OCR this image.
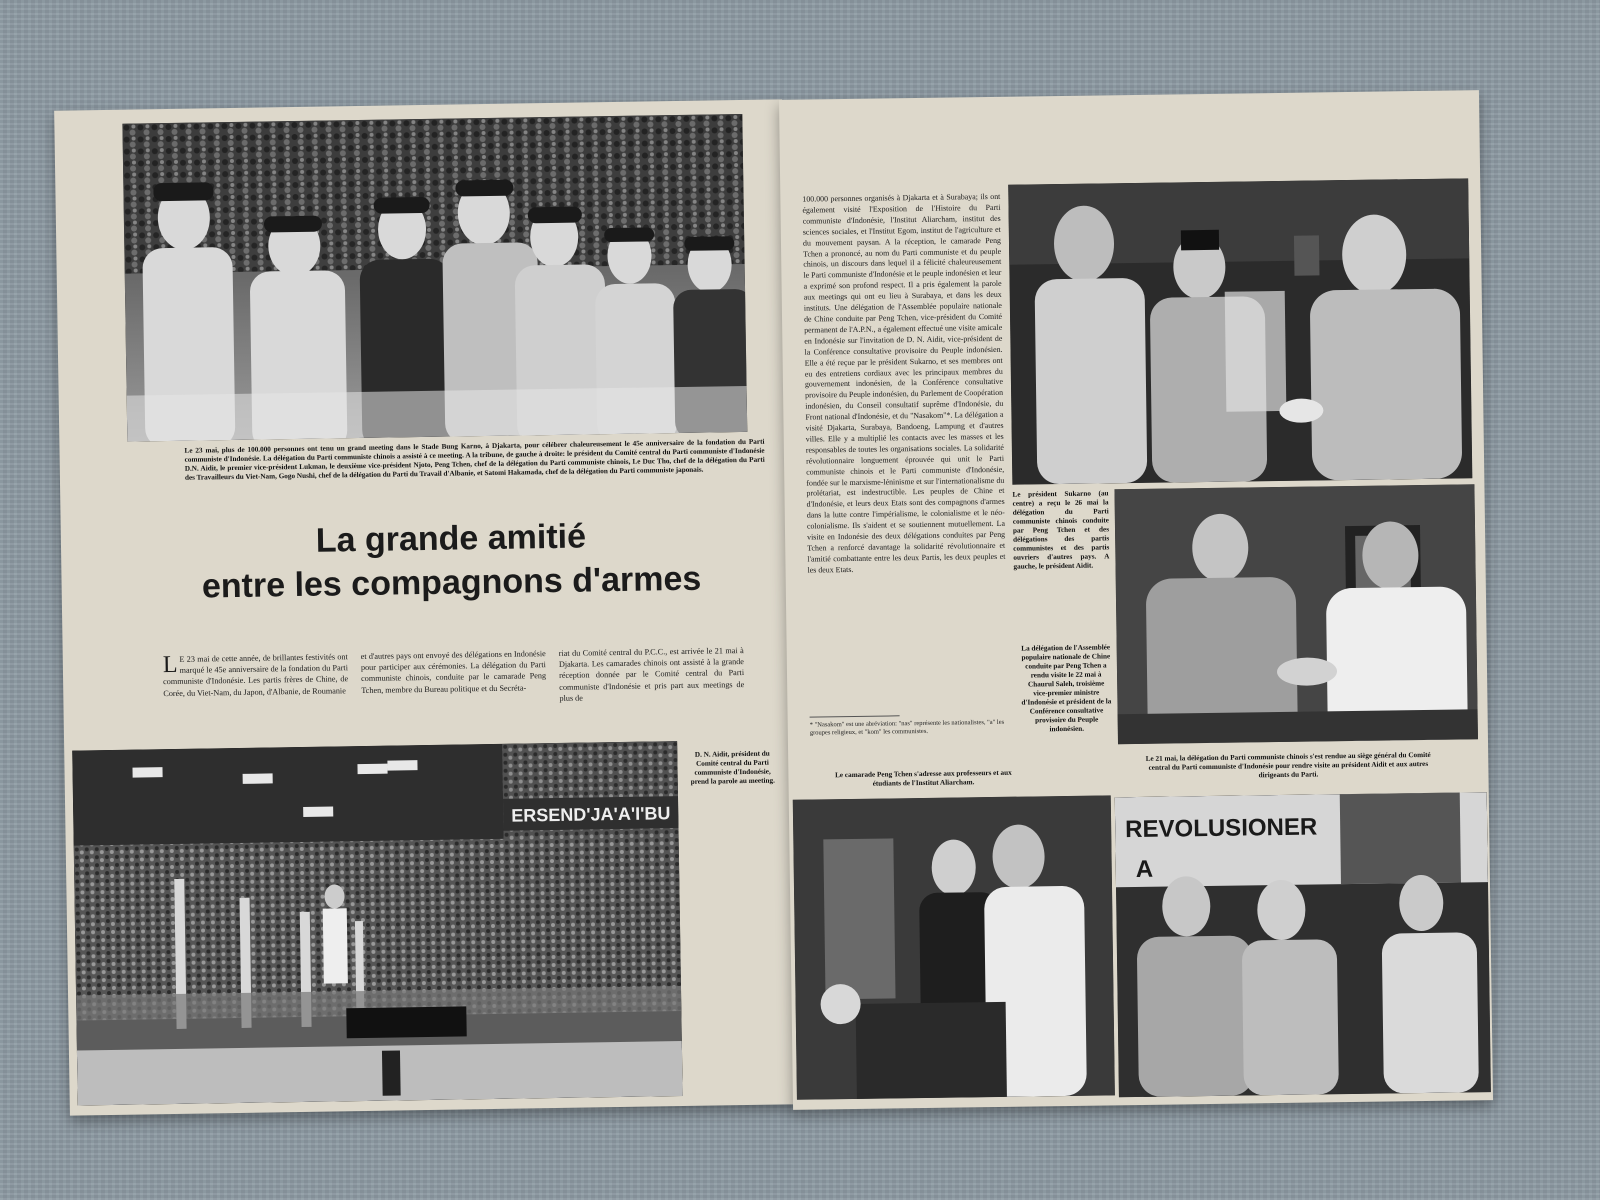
Le 23 mai, plus de 100.000 personnes ont tenu un grand meeting dans le Stade Bung Karno, à Djakarta, pour célébrer chaleureusement le 45e anniversaire de la fondation du Parti communiste d'Indonésie. La délégation du Parti communiste chinois a assisté à ce meeting. A la tribune, de gauche à droite: le président du Comité central du Parti communiste d'Indonésie D.N. Aidit, le premier vice-président Lukman, le deuxième vice-président Njoto, Peng Tchen, chef de la délégation du Parti communiste chinois, Le Duc Tho, chef de la délégation du Parti des Travailleurs du Viet-Nam, Gogo Nushi, chef de la délégation du Parti du Travail d'Albanie, et Satomi Hakamada, chef de la délégation du Parti communiste japonais.

La grande amitié
entre les compagnons d'armes
L E 23 mai de cette année, de brillantes festivités ont marqué le 45e anniversaire de la fondation du Parti communiste d'Indonésie. Les partis frères de Chine, de Corée, du Viet-Nam, du Japon, d'Albanie, de Roumanie
et d'autres pays ont envoyé des délégations en Indonésie pour participer aux cérémonies. La délégation du Parti communiste chinois, conduite par le camarade Peng Tchen, membre du Bureau politique et du Secréta-
riat du Comité central du P.C.C., est arrivée le 21 mai à Djakarta. Les camarades chinois ont assisté à la grande réception donnée par le Comité central du Parti communiste d'Indonésie et pris part aux meetings de plus de
ERSEND'JA'A'I'BU

D. N. Aidit, président du Comité central du Parti communiste d'Indonésie, prend la parole au meeting.

100.000 personnes organisés à Djakarta et à Surabaya; ils ont également visité l'Exposition de l'Histoire du Parti communiste d'Indonésie, l'Institut Aliarcham, institut des sciences sociales, et l'Institut Egom, institut de l'agriculture et du mouvement paysan. A la réception, le camarade Peng Tchen a prononcé, au nom du Parti communiste et du peuple chinois, un discours dans lequel il a félicité chaleureusement le Parti communiste d'Indonésie et le peuple indonésien et leur a exprimé son profond respect. Il a pris également la parole aux meetings qui ont eu lieu à Surabaya, et dans les deux instituts. Une délégation de l'Assemblée populaire nationale de Chine conduite par Peng Tchen, vice-président du Comité permanent de l'A.P.N., a également effectué une visite amicale en Indonésie sur l'invitation de D. N. Aidit, vice-président de la Conférence consultative provisoire du Peuple indonésien. Elle a été reçue par le président Sukarno, et ses membres ont eu des entretiens cordiaux avec les principaux membres du gouvernement indonésien, de la Conférence consultative provisoire du Peuple indonésien, du Parlement de Coopération indonésien, du Conseil consultatif suprême d'Indonésie, du Front national d'Indonésie, et du "Nasakom"*. La délégation a visité Djakarta, Surabaya, Bandoeng, Lampung et d'autres villes. Elle y a multiplié les contacts avec les masses et les responsables de toutes les organisations sociales. La solidarité révolutionnaire longuement éprouvée qui unit le Parti communiste chinois et le Parti communiste d'Indonésie, fondée sur le marxisme-léninisme et sur l'internationalisme du prolétariat, est indestructible. Les peuples de Chine et d'Indonésie, et leurs deux Etats sont des compagnons d'armes dans la lutte contre l'impérialisme, le colonialisme et le néo-colonialisme. Ils s'aident et se soutiennent mutuellement. La visite en Indonésie des deux délégations conduites par Peng Tchen a renforcé davantage la solidarité révolutionnaire et l'amitié combattante entre les deux Partis, les deux peuples et les deux Etats.
* "Nasakom" est une abréviation: "nas" représente les nationalistes, "a" les groupes religieux, et "kom" les communistes.

Le président Sukarno (au centre) a reçu le 26 mai la délégation du Parti communiste chinois conduite par Peng Tchen et des délégations des partis communistes et des partis ouvriers d'autres pays. A gauche, le président Aidit.

La délégation de l'Assemblée populaire nationale de Chine conduite par Peng Tchen a rendu visite le 22 mai à Chaurul Saleh, troisième vice-premier ministre d'Indonésie et président de la Conférence consultative provisoire du Peuple indonésien.

Le camarade Peng Tchen s'adresse aux professeurs et aux étudiants de l'Institut Aliarcham.

Le 21 mai, la délégation du Parti communiste chinois s'est rendue au siège général du Comité central du Parti communiste d'Indonésie pour rendre visite au président Aidit et aux autres dirigeants du Parti.

REVOLUSIONER
A
